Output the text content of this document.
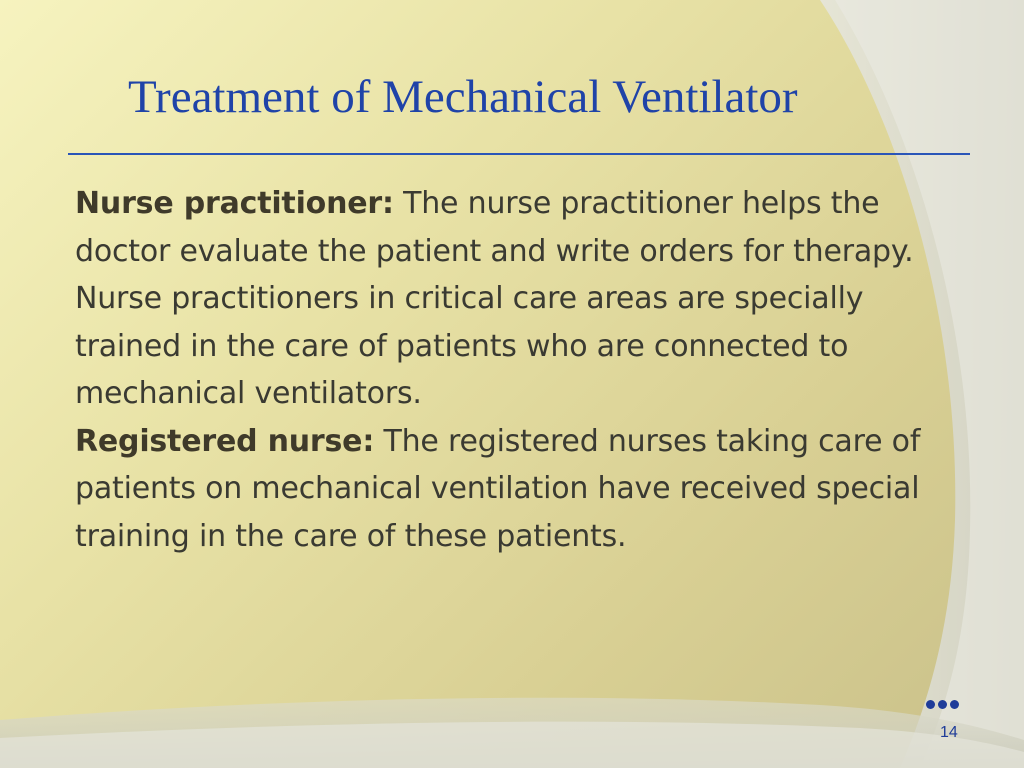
Treatment of Mechanical Ventilator

Nurse practitioner: The nurse practitioner helps the doctor evaluate the patient and write orders for therapy. Nurse practitioners in critical care areas are specially trained in the care of patients who are connected to mechanical ventilators.

Registered nurse: The registered nurses taking care of patients on mechanical ventilation have received special training in the care of these patients.

14
